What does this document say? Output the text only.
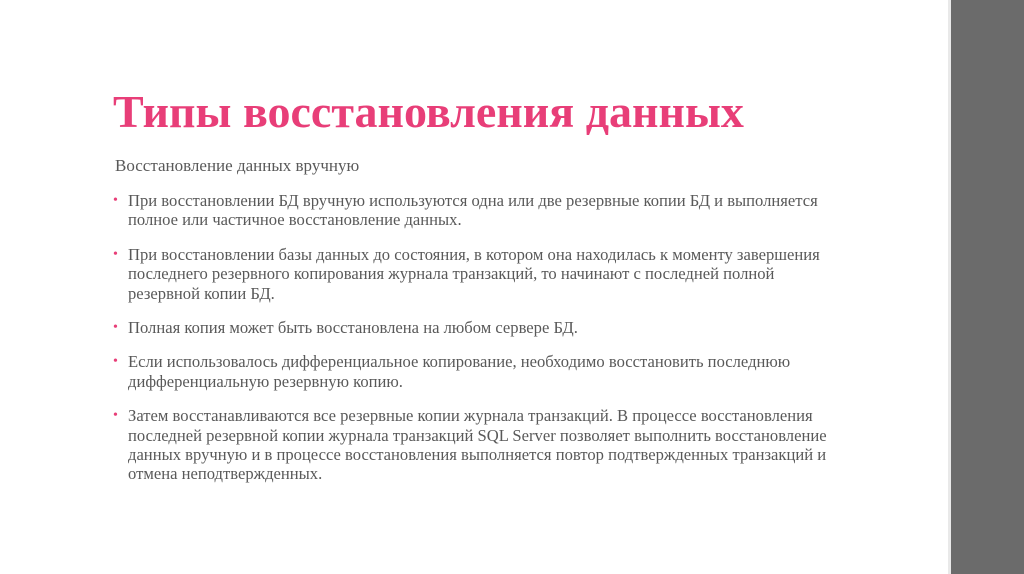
Типы восстановления данных
Восстановление данных вручную
• При восстановлении БД вручную используются одна или две резервные копии БД и выполняется полное или частичное восстановление данных.
• При восстановлении базы данных до состояния, в котором она находилась к моменту завершения последнего резервного копирования журнала транзакций, то начинают с последней полной резервной копии БД.
• Полная копия может быть восстановлена на любом сервере БД.
• Если использовалось дифференциальное копирование, необходимо восстановить последнюю дифференциальную резервную копию.
• Затем восстанавливаются все резервные копии журнала транзакций. В процессе восстановления последней резервной копии журнала транзакций SQL Server позволяет выполнить восстановление данных вручную и в процессе восстановления выполняется повтор подтвержденных транзакций и отмена неподтвержденных.
